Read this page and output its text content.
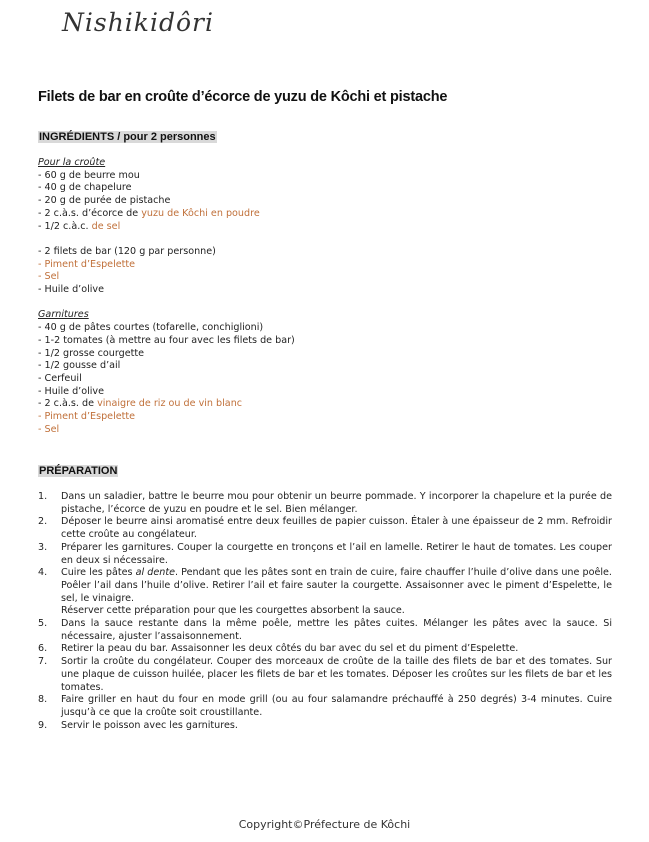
Nishikidôri
Filets de bar en croûte d’écorce de yuzu de Kôchi et pistache
INGRÉDIENTS / pour 2 personnes
Pour la croûte
- 60 g de beurre mou
- 40 g de chapelure
- 20 g de purée de pistache
- 2 c.à.s. d’écorce de yuzu de Kôchi en poudre
- 1/2 c.à.c. de sel
- 2 filets de bar (120 g par personne)
- Piment d’Espelette
- Sel
- Huile d’olive
Garnitures
- 40 g de pâtes courtes (tofarelle, conchiglioni)
- 1-2 tomates (à mettre au four avec les filets de bar)
- 1/2 grosse courgette
- 1/2 gousse d’ail
- Cerfeuil
- Huile d’olive
- 2 c.à.s. de vinaigre de riz ou de vin blanc
- Piment d’Espelette
- Sel
PRÉPARATION
1. Dans un saladier, battre le beurre mou pour obtenir un beurre pommade. Y incorporer la chapelure et la purée de pistache, l’écorce de yuzu en poudre et le sel. Bien mélanger.
2. Déposer le beurre ainsi aromatisé entre deux feuilles de papier cuisson. Étaler à une épaisseur de 2 mm. Refroidir cette croûte au congélateur.
3. Préparer les garnitures. Couper la courgette en tronçons et l’ail en lamelle. Retirer le haut de tomates. Les couper en deux si nécessaire.
4. Cuire les pâtes al dente. Pendant que les pâtes sont en train de cuire, faire chauffer l’huile d’olive dans une poêle. Poêler l’ail dans l’huile d’olive. Retirer l’ail et faire sauter la courgette. Assaisonner avec le piment d’Espelette, le sel, le vinaigre.
Réserver cette préparation pour que les courgettes absorbent la sauce.
5. Dans la sauce restante dans la même poêle, mettre les pâtes cuites. Mélanger les pâtes avec la sauce. Si nécessaire, ajuster l’assaisonnement.
6. Retirer la peau du bar. Assaisonner les deux côtés du bar avec du sel et du piment d’Espelette.
7. Sortir la croûte du congélateur. Couper des morceaux de croûte de la taille des filets de bar et des tomates. Sur une plaque de cuisson huilée, placer les filets de bar et les tomates. Déposer les croûtes sur les filets de bar et les tomates.
8. Faire griller en haut du four en mode grill (ou au four salamandre préchauffé à 250 degrés) 3-4 minutes. Cuire jusqu’à ce que la croûte soit croustillante.
9. Servir le poisson avec les garnitures.
Copyright©Préfecture de Kôchi
